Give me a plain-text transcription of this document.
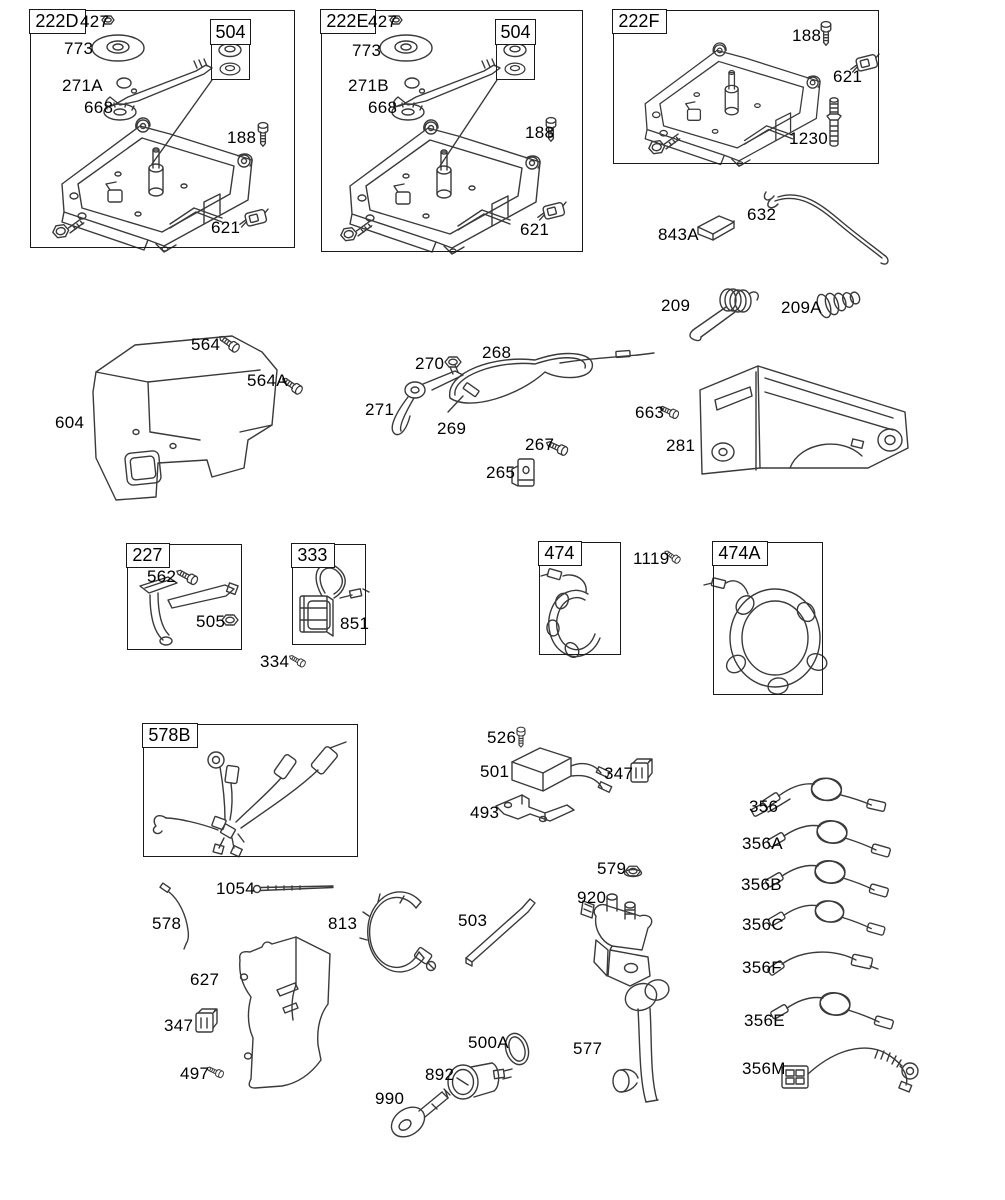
222D
504
222E
504
222F
227	333	474	474A
578B
427
773
271A
668
188
621
427
773
271B
668
188
621
188
621
1230
632
843A
209	209A
564
564A
604
270
268
271
269
267
265
663
281
562
505	851
334
1119
526
501	347
493	356
356A
356B
356C
356F
356E
356M
1054
578	813
627
347
497
503
579
920
500A
892
990
577
